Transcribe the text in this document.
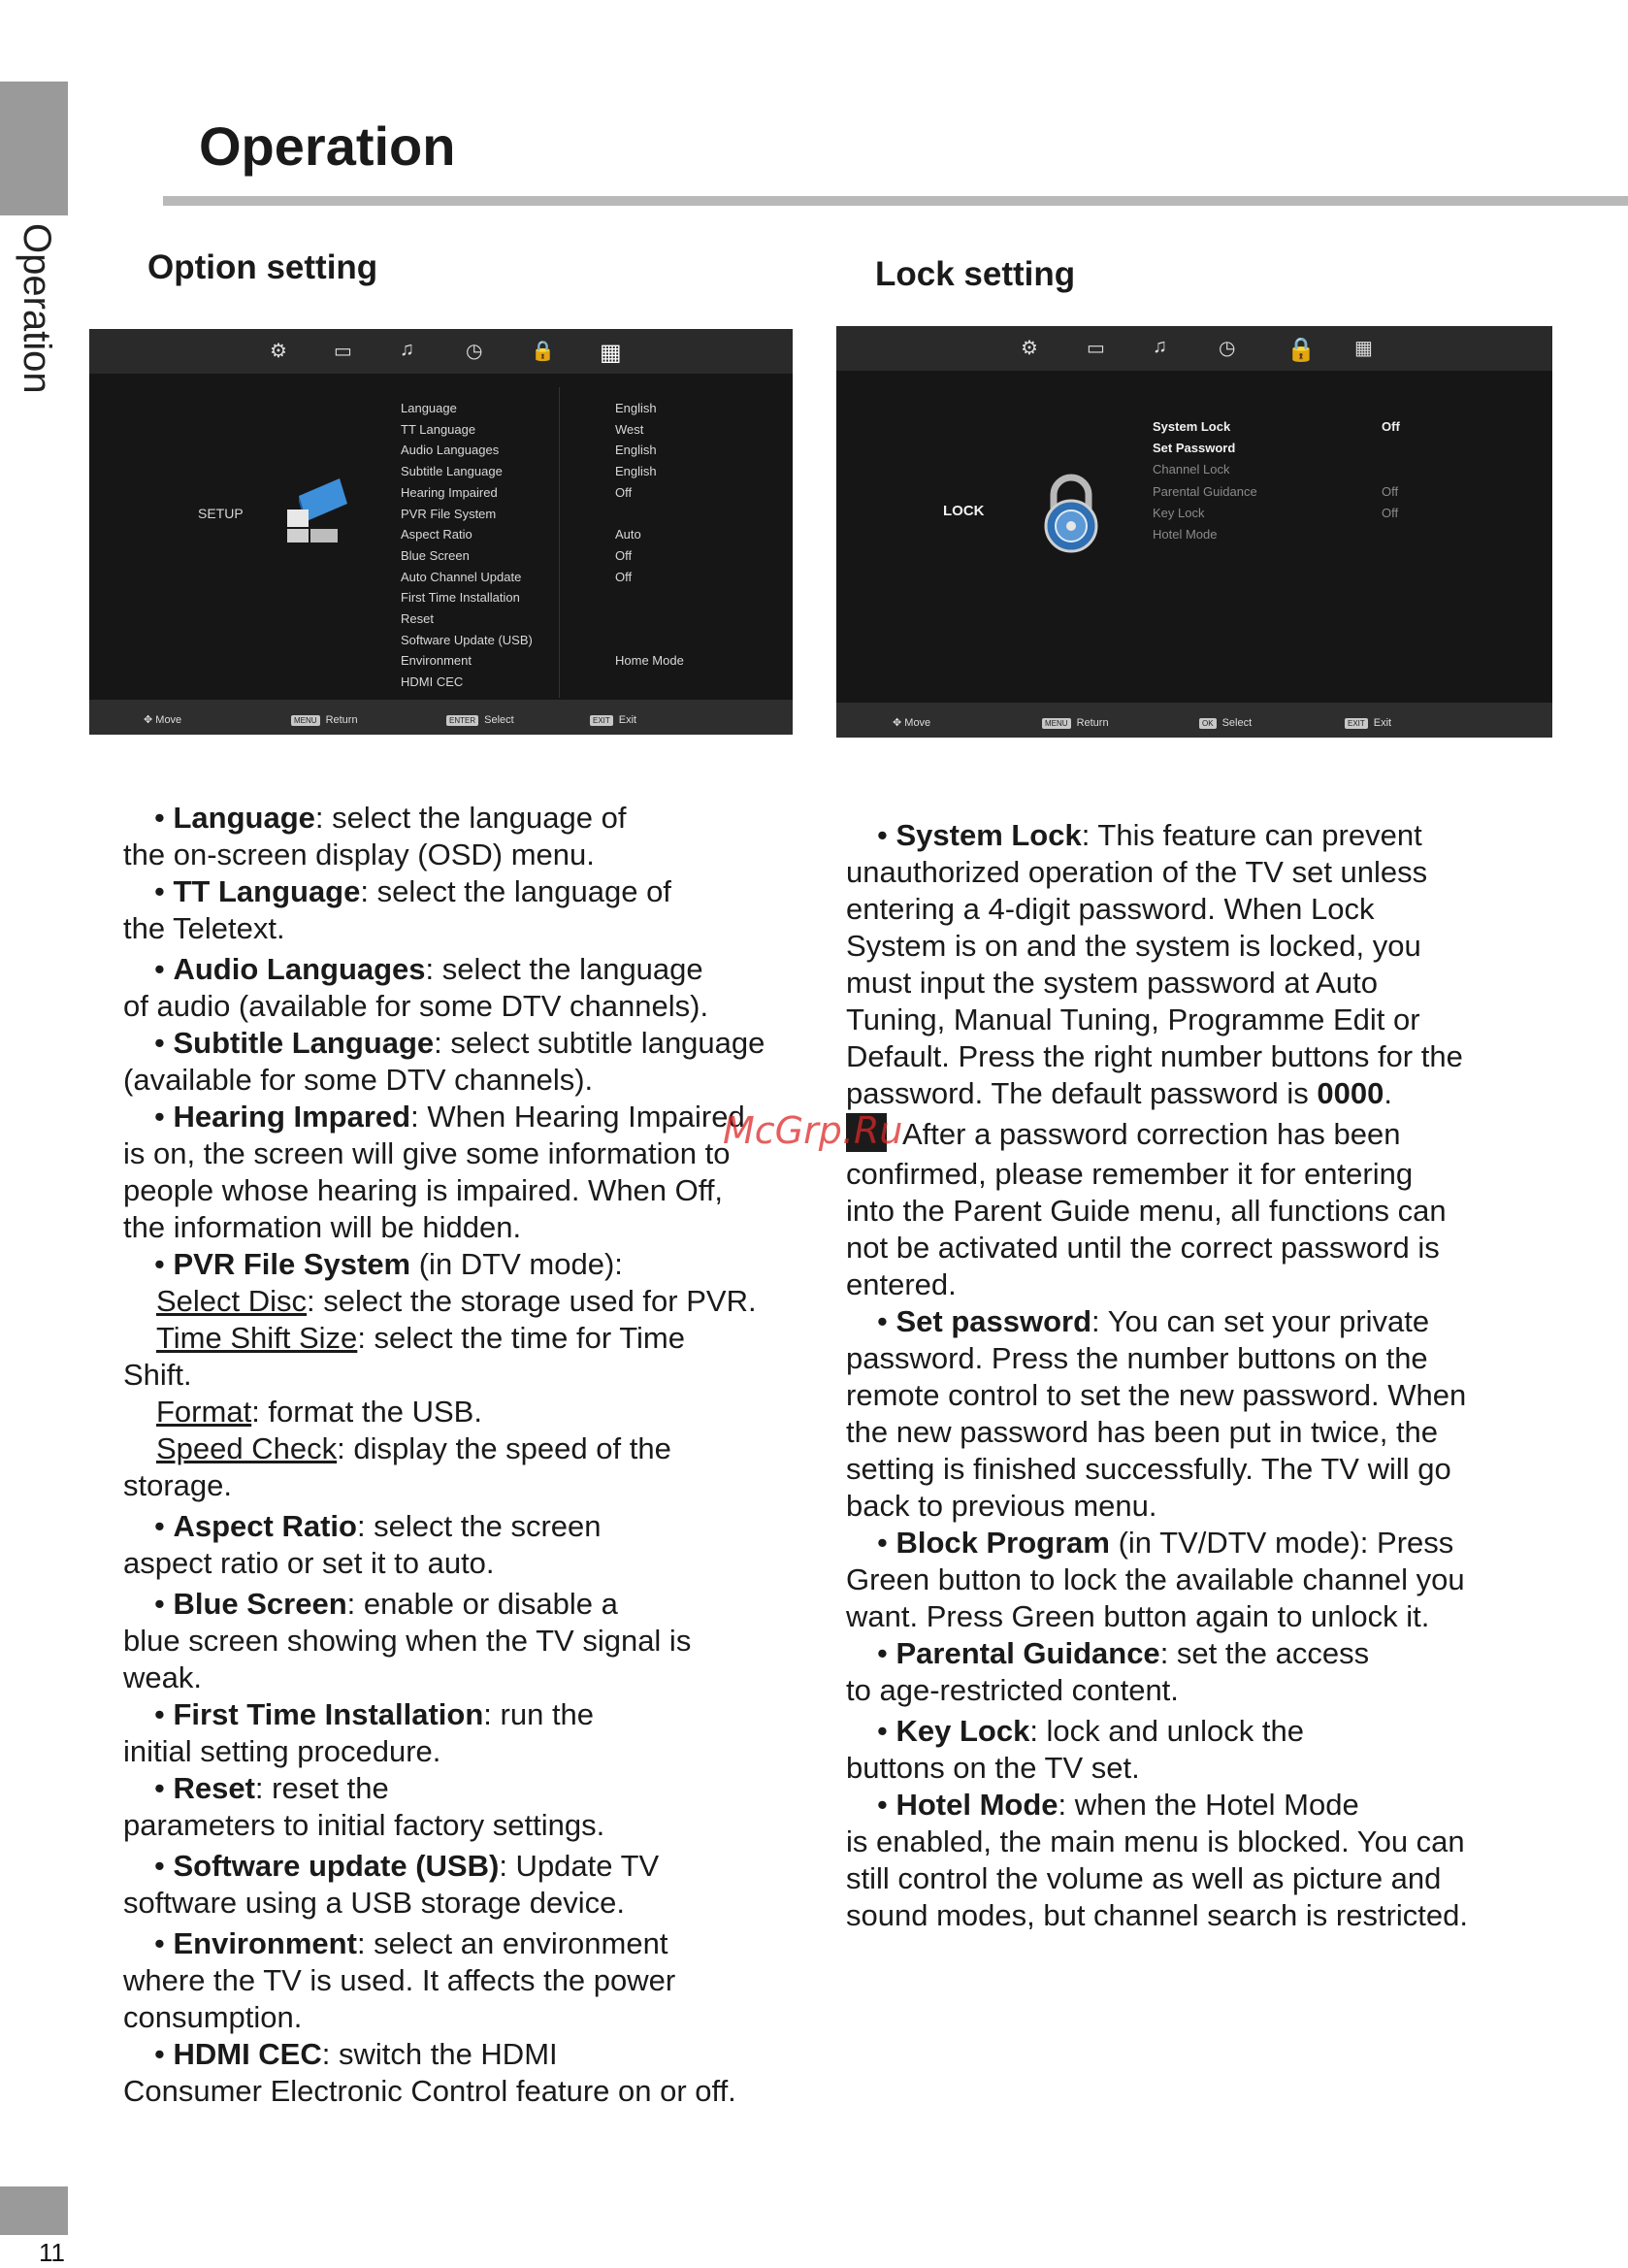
Operation
Operation
Option setting	Lock setting
⚙ ▭ ♫	◷ 🔒 ▦
SETUP
Language	English
TT Language	West
Audio Languages	English
Subtitle Language	English
Hearing Impaired	Off
PVR File System
Aspect Ratio	Auto
Blue Screen	Off
Auto Channel Update	Off
First Time Installation
Reset
Software Update (USB)
Environment	Home Mode
HDMI CEC
✥ Move	MENU Return	ENTER Select	EXIT Exit
⚙	▭ ♫	◷ 🔒 ▦
LOCK
System Lock	Off
Set Password
Channel Lock
Parental Guidance	Off
Key Lock	Off
Hotel Mode
✥ Move	MENU Return	OK Select	EXIT Exit

• Language: select the language of

the on-screen display (OSD) menu.

• TT Language: select the language of

the Teletext.

• Audio Languages: select the language

of audio (available for some DTV channels).

• Subtitle Language: select subtitle language

(available for some DTV channels).

• Hearing Impared: When Hearing Impaired

is on, the screen will give some information to

people whose hearing is impaired. When Off,

the information will be hidden.

• PVR File System (in DTV mode):

Select Disc: select the storage used for PVR.

Time Shift Size: select the time for Time

Shift.

Format: format the USB.

Speed Check: display the speed of the

storage.

• Aspect Ratio: select the screen

aspect ratio or set it to auto.

• Blue Screen: enable or disable a

blue screen showing when the TV signal is

weak.

• First Time Installation: run the

initial setting procedure.

• Reset: reset the

parameters to initial factory settings.

• Software update (USB): Update TV

software using a USB storage device.

• Environment: select an environment

where the TV is used. It affects the power

consumption.

• HDMI CEC: switch the HDMI

Consumer Electronic Control feature on or off.

• System Lock: This feature can prevent

unauthorized operation of the TV set unless

entering a 4-digit password. When Lock

System is on and the system is locked, you

must input the system password at Auto

Tuning, Manual Tuning, Programme Edit or

Default. Press the right number buttons for the

password. The default password is 0000.

After a password correction has been

confirmed, please remember it for entering

into the Parent Guide menu, all functions can

not be activated until the correct password is

entered.

• Set password: You can set your private

password. Press the number buttons on the

remote control to set the new password. When

the new password has been put in twice, the

setting is finished successfully. The TV will go

back to previous menu.

• Block Program (in TV/DTV mode): Press

Green button to lock the available channel you

want. Press Green button again to unlock it.

• Parental Guidance: set the access

to age-restricted content.

• Key Lock: lock and unlock the

buttons on the TV set.

• Hotel Mode: when the Hotel Mode

is enabled, the main menu is blocked. You can

still control the volume as well as picture and

sound modes, but channel search is restricted.

McGrp.Ru
11
